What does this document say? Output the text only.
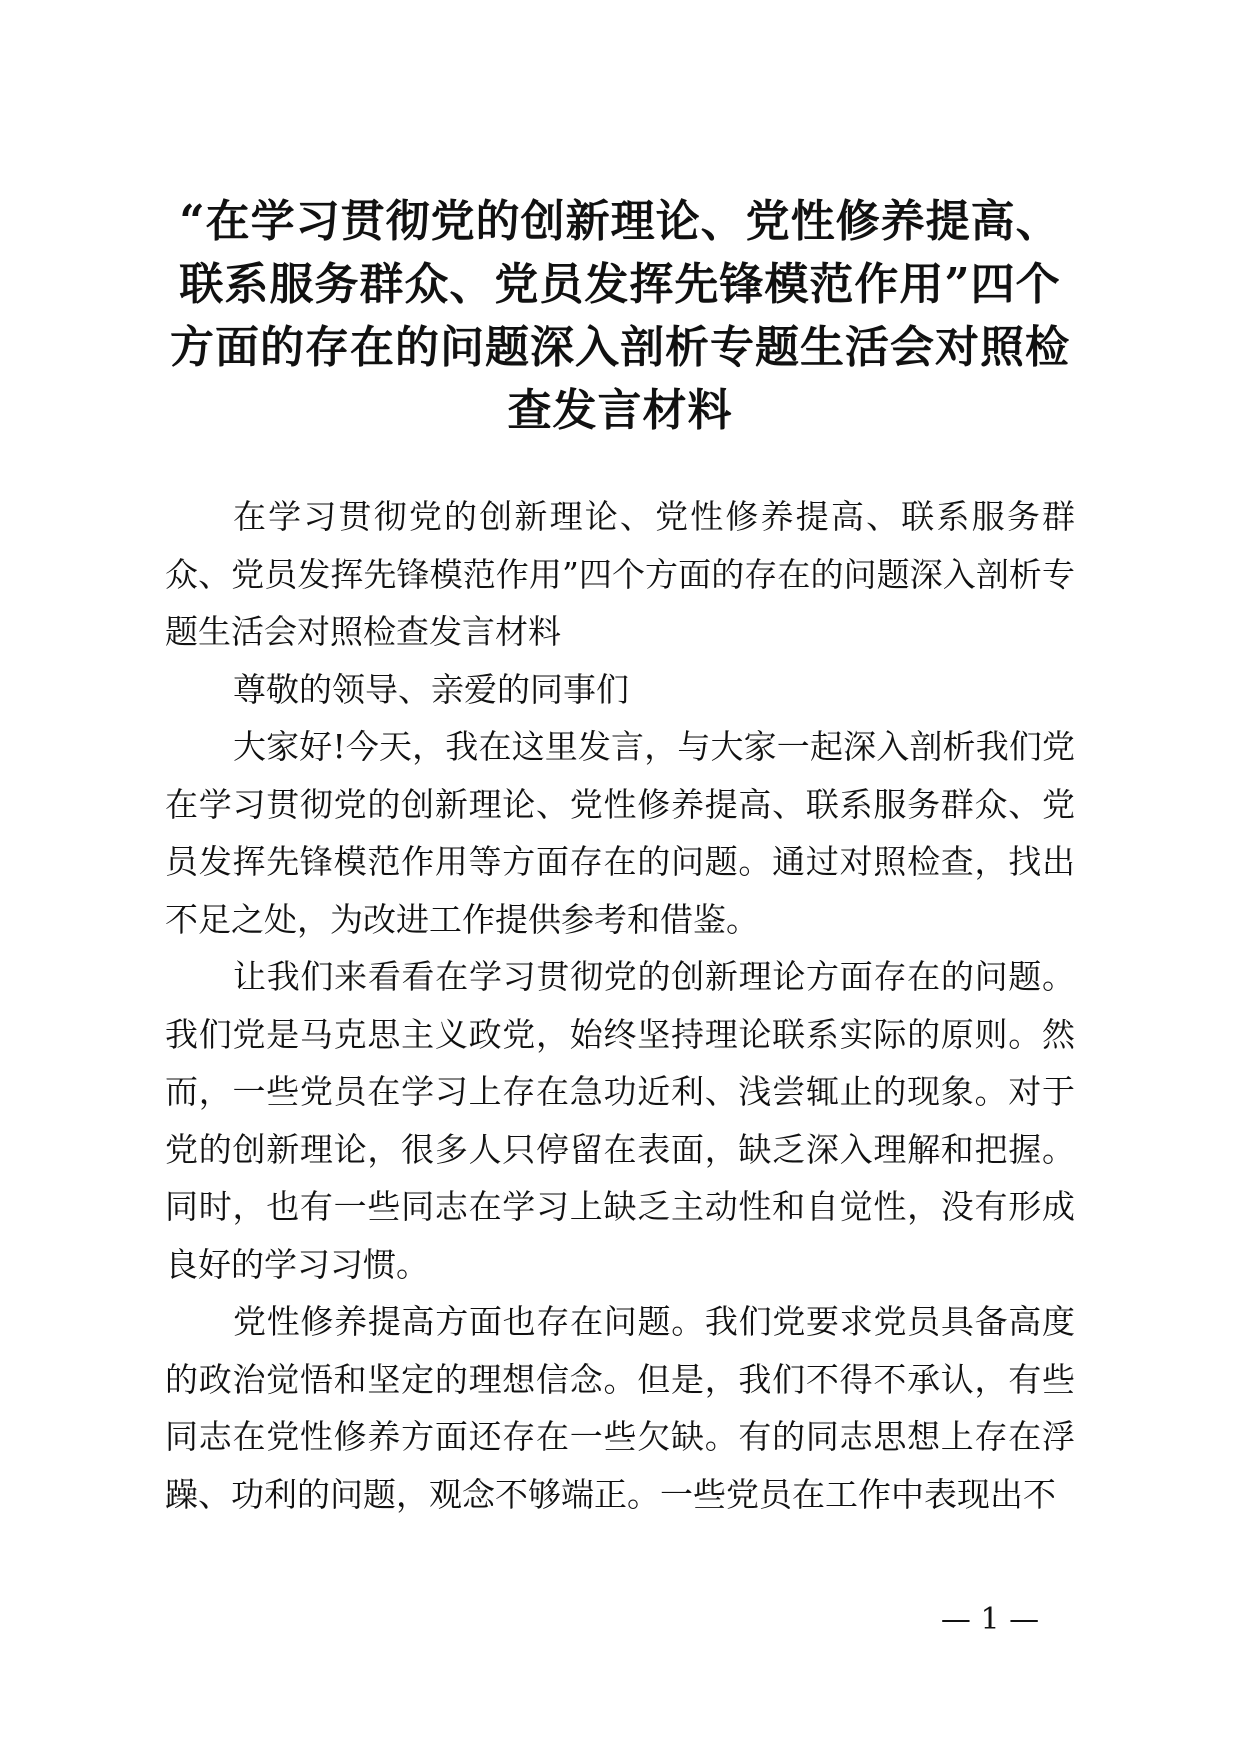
“在学习贯彻党的创新理论、党性修养提高、联系服务群众、党员发挥先锋模范作用”四个方面的存在的问题深入剖析专题生活会对照检查发言材料

在学习贯彻党的创新理论、党性修养提高、联系服务群众、党员发挥先锋模范作用”四个方面的存在的问题深入剖析专题生活会对照检查发言材料

尊敬的领导、亲爱的同事们

大家好!今天，我在这里发言，与大家一起深入剖析我们党在学习贯彻党的创新理论、党性修养提高、联系服务群众、党员发挥先锋模范作用等方面存在的问题。通过对照检查，找出不足之处，为改进工作提供参考和借鉴。

让我们来看看在学习贯彻党的创新理论方面存在的问题。我们党是马克思主义政党，始终坚持理论联系实际的原则。然而，一些党员在学习上存在急功近利、浅尝辄止的现象。对于党的创新理论，很多人只停留在表面，缺乏深入理解和把握。同时，也有一些同志在学习上缺乏主动性和自觉性，没有形成良好的学习习惯。

党性修养提高方面也存在问题。我们党要求党员具备高度的政治觉悟和坚定的理想信念。但是，我们不得不承认，有些同志在党性修养方面还存在一些欠缺。有的同志思想上存在浮躁、功利的问题，观念不够端正。一些党员在工作中表现出不

— 1 —
